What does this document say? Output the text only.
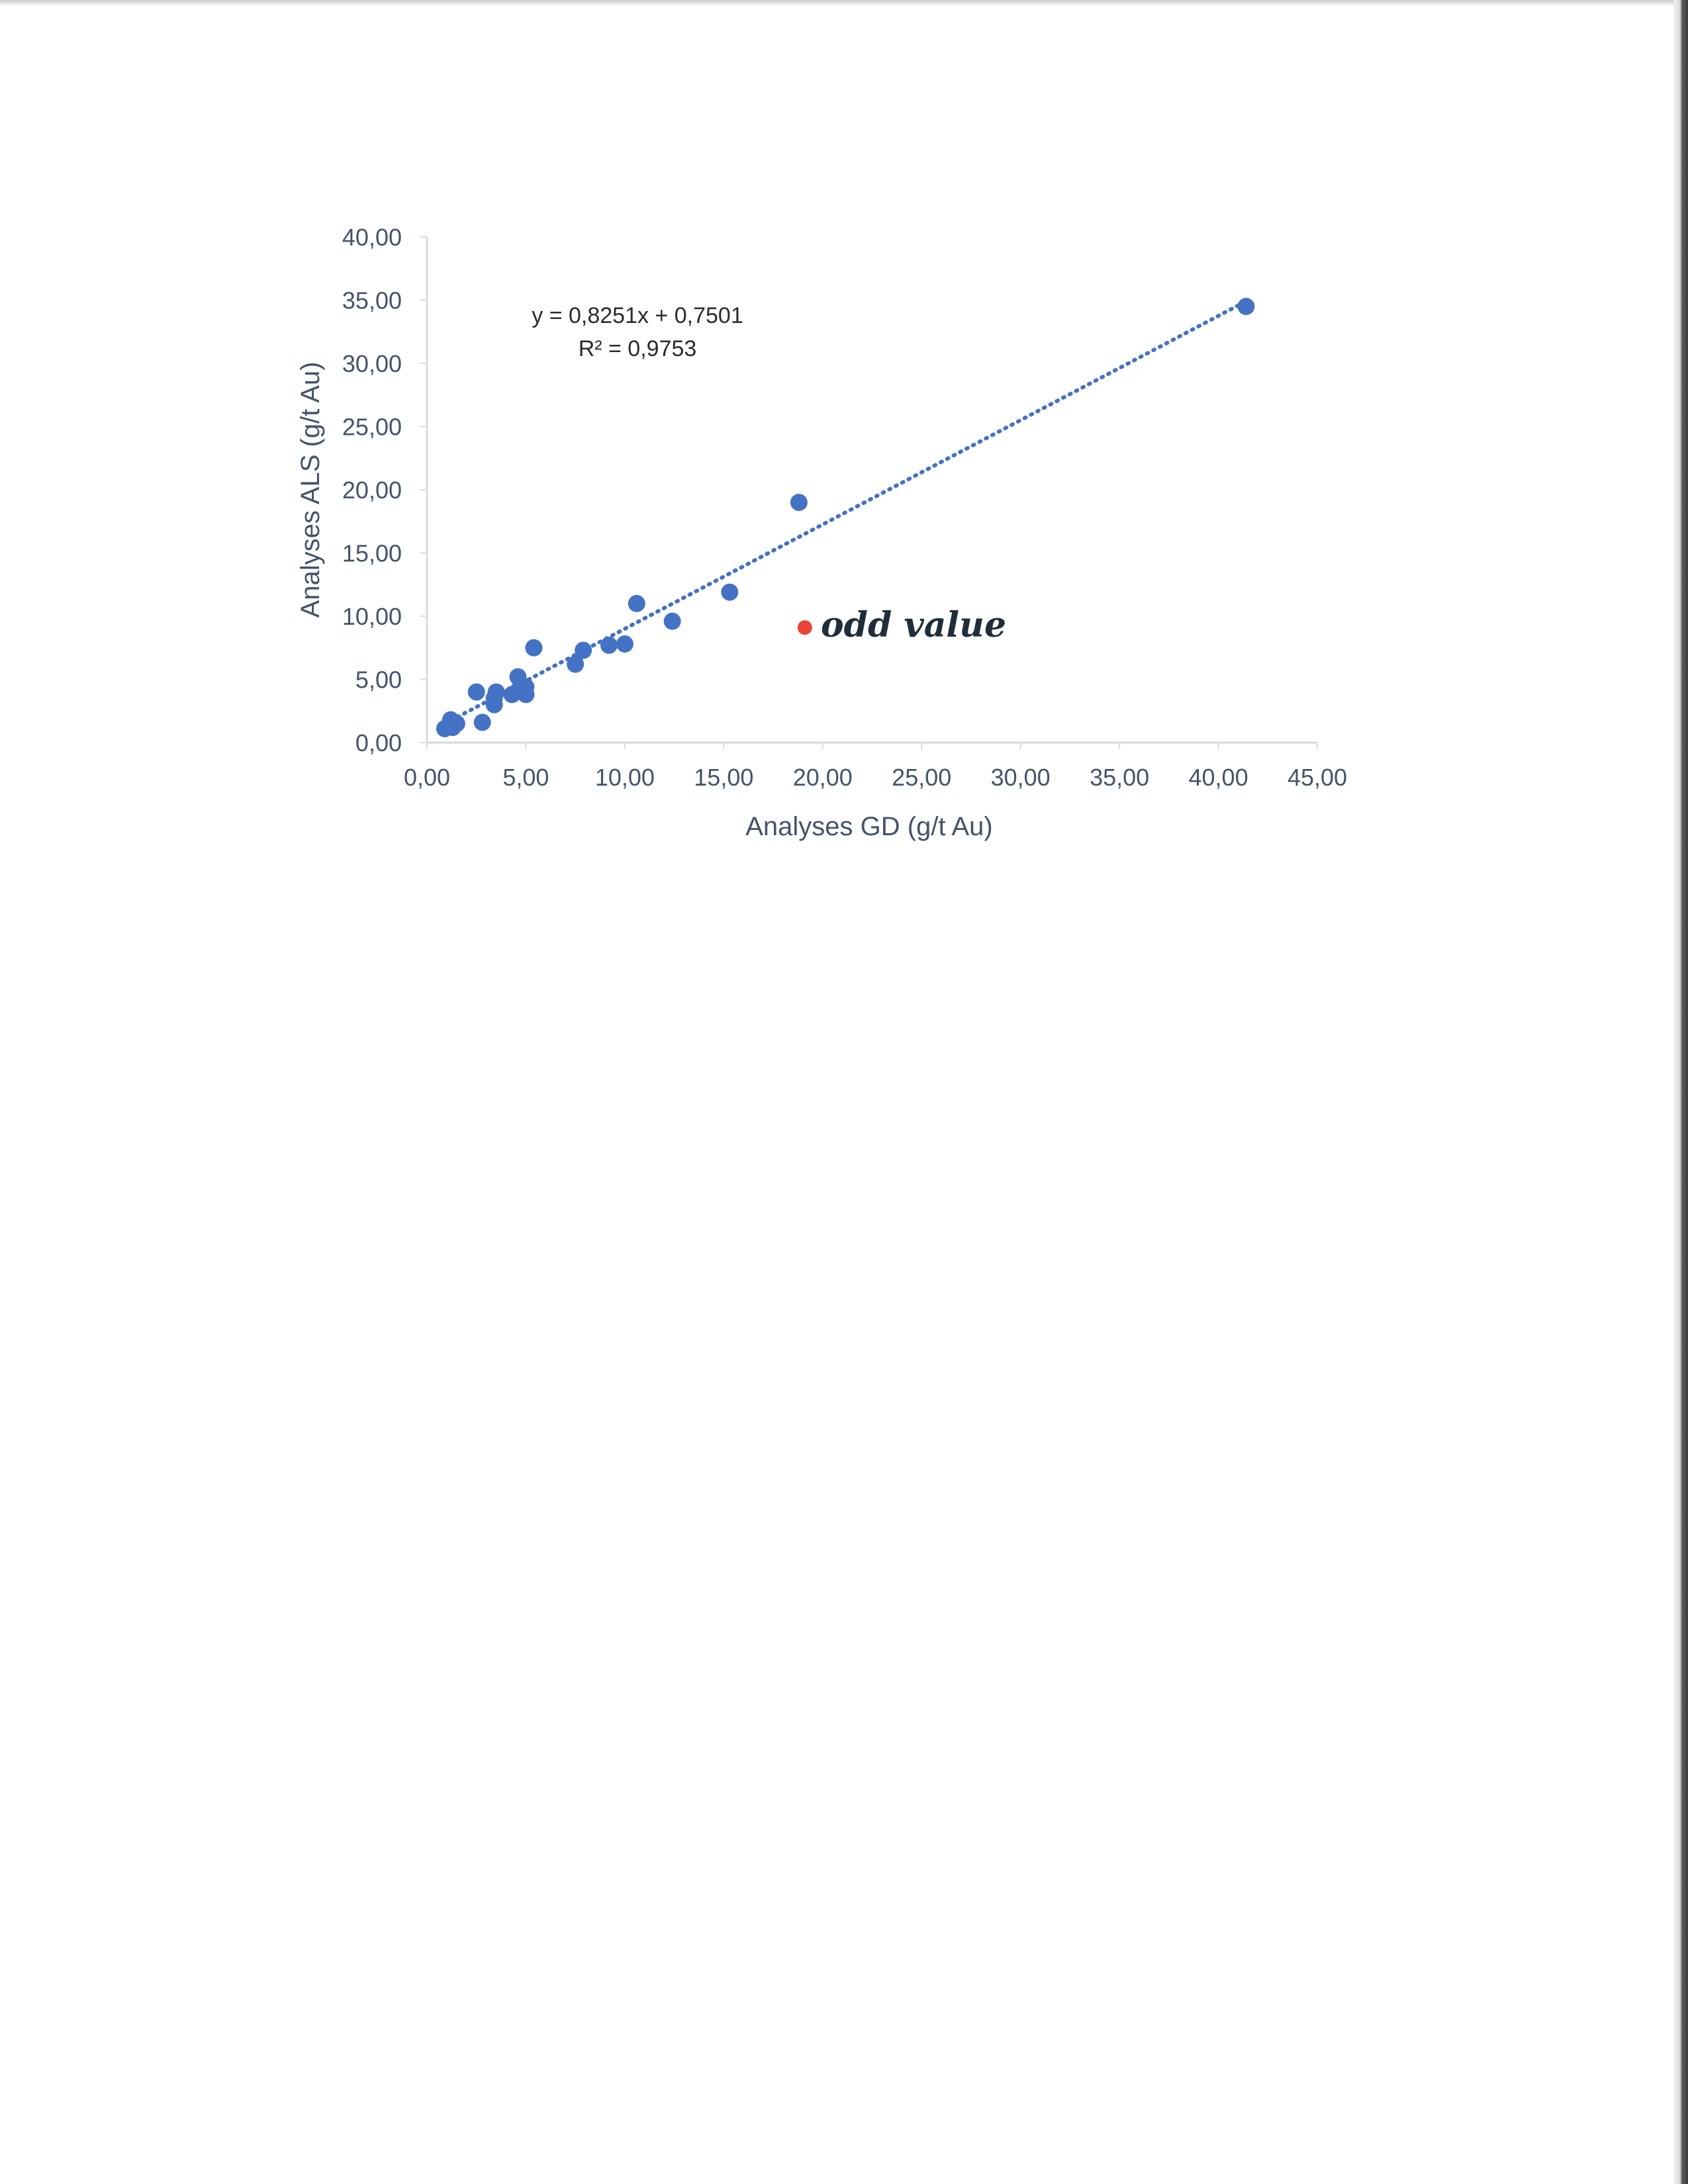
0,00 5,00 10,00 15,00 20,00 25,00 30,00 35,00 40,00 45,00
0,00
5,00
10,00
15,00
20,00
25,00
30,00
35,00
40,00
Analyses GD (g/t Au)
Analyses ALS (g/t Au)
y = 0,8251x + 0,7501
R² = 0,9753
odd value
